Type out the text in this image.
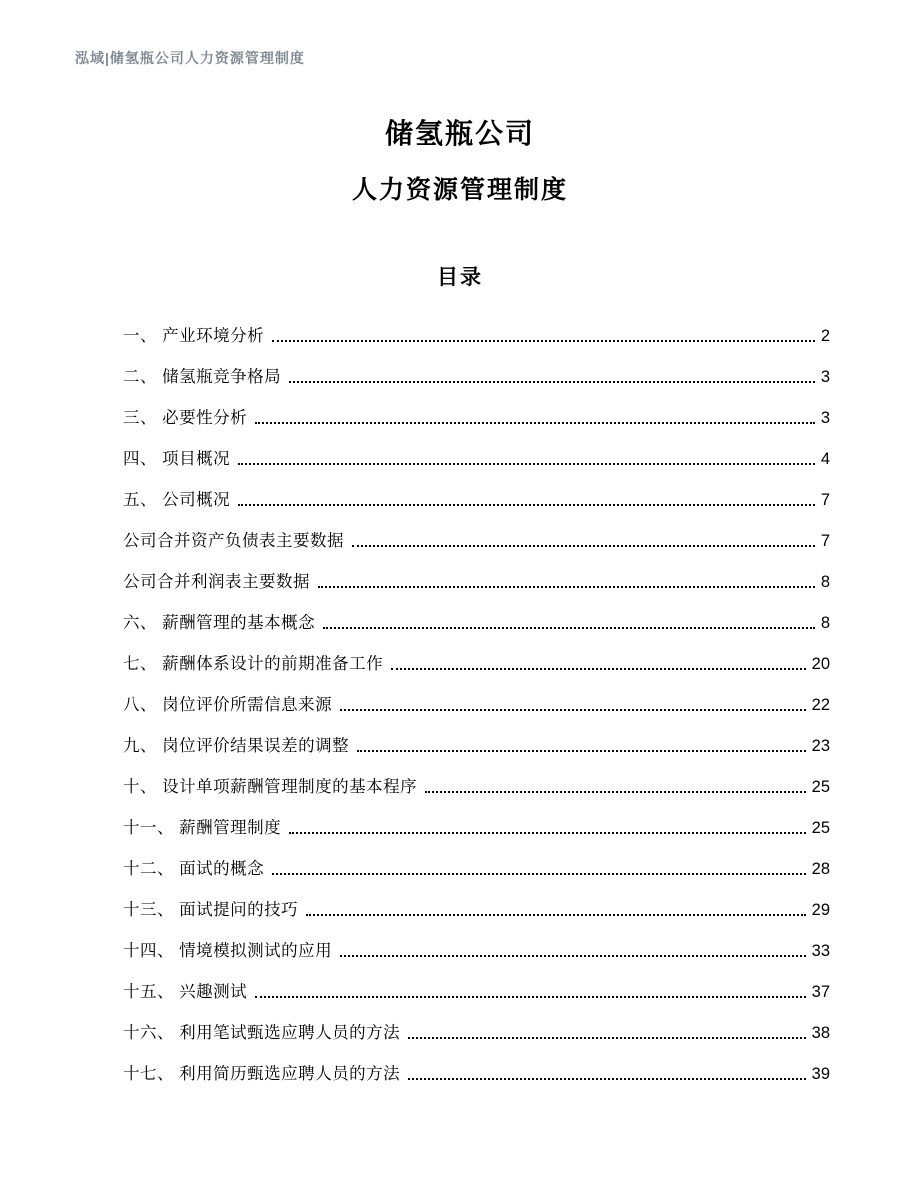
泓域|储氢瓶公司人力资源管理制度
储氢瓶公司
人力资源管理制度
目录
一、 产业环境分析	2
二、 储氢瓶竞争格局	3
三、 必要性分析	3
四、 项目概况	4
五、 公司概况	7
公司合并资产负债表主要数据	7
公司合并利润表主要数据	8
六、 薪酬管理的基本概念	8
七、 薪酬体系设计的前期准备工作	20
八、 岗位评价所需信息来源	22
九、 岗位评价结果误差的调整	23
十、 设计单项薪酬管理制度的基本程序	25
十一、 薪酬管理制度	25
十二、 面试的概念	28
十三、 面试提问的技巧	29
十四、 情境模拟测试的应用	33
十五、 兴趣测试	37
十六、 利用笔试甄选应聘人员的方法	38
十七、 利用简历甄选应聘人员的方法	39
